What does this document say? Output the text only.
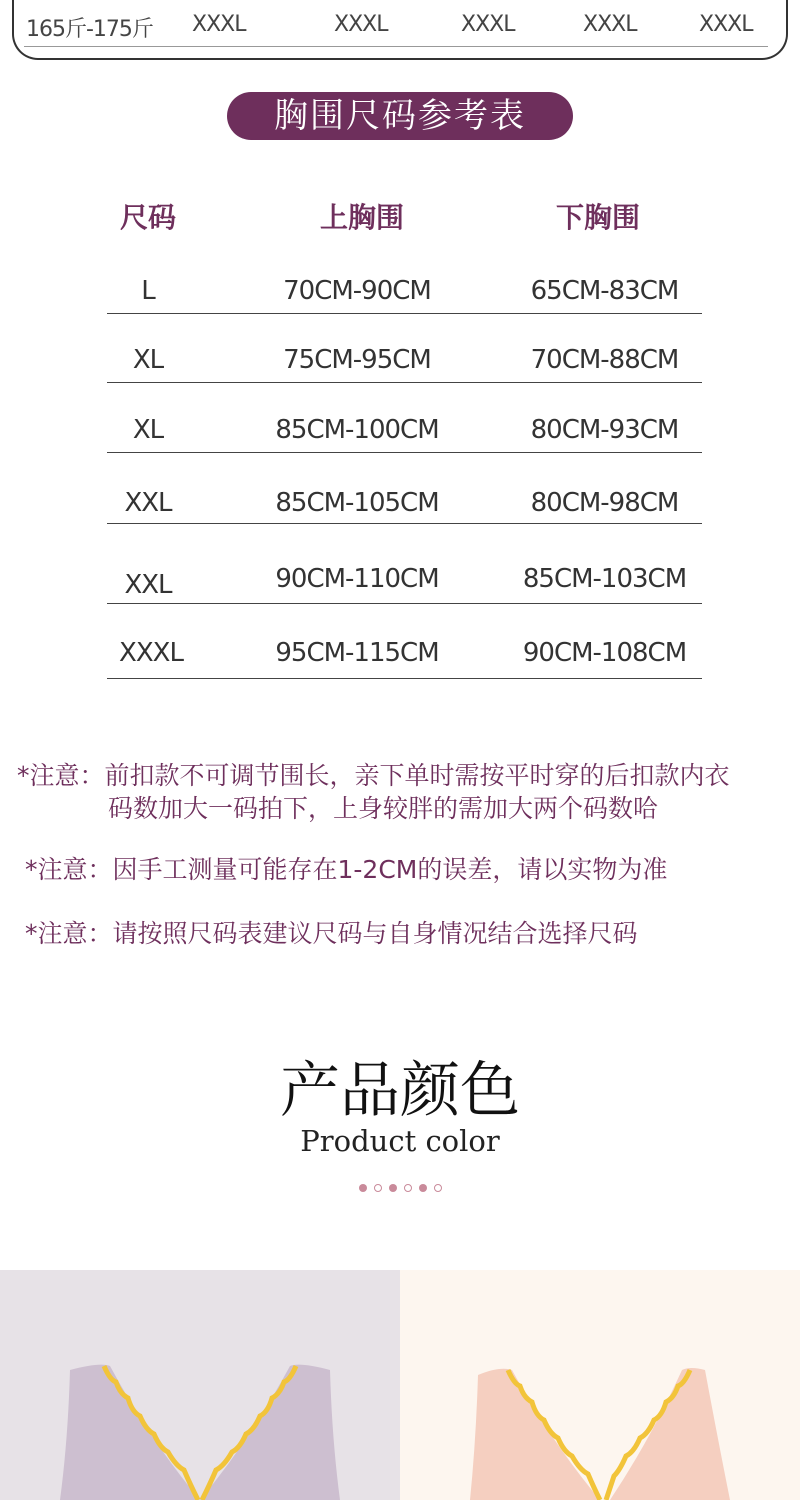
165斤-175斤 XXXL	XXXL	XXXL	XXXL	XXXL
胸围尺码参考表
尺码	上胸围	下胸围
L	70CM-90CM	65CM-83CM
XL	75CM-95CM	70CM-88CM
XL	85CM-100CM	80CM-93CM
XXL	85CM-105CM	80CM-98CM
XXL	90CM-110CM	85CM-103CM
XXXL	95CM-115CM	90CM-108CM
*注意：前扣款不可调节围长，亲下单时需按平时穿的后扣款内衣
码数加大一码拍下，上身较胖的需加大两个码数哈
*注意：因手工测量可能存在1-2CM的误差，请以实物为准
*注意：请按照尺码表建议尺码与自身情况结合选择尺码
产品颜色
Product color
